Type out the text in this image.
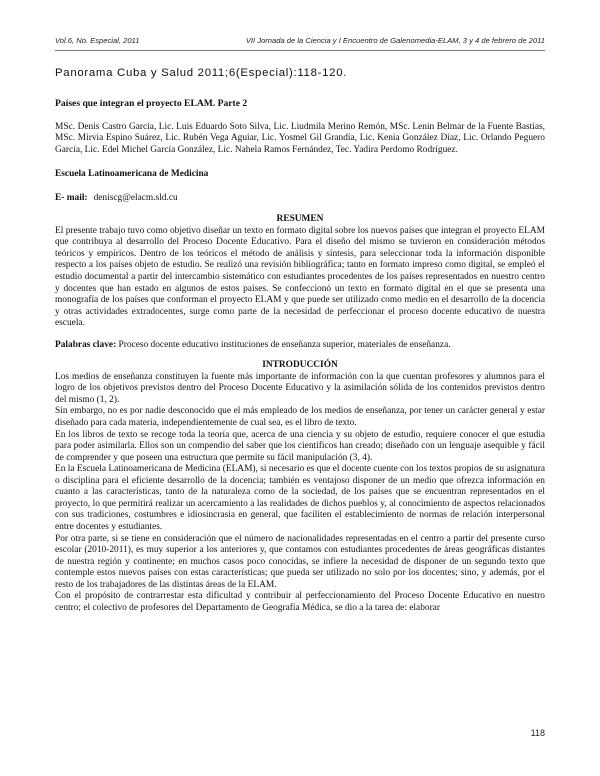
Vol.6, No. Especial, 2011	VII Jornada de la Ciencia y I Encuentro de Galenomedia-ELAM, 3 y 4 de febrero de 2011
Panorama Cuba y Salud 2011;6(Especial):118-120.

Países que integran el proyecto ELAM. Parte 2

MSc. Denis Castro García, Lic. Luis Eduardo Soto Silva, Lic. Liudmila Merino Remón, MSc. Lenin Belmar de la Fuente Bastías, MSc. Mirvia Espino Suárez, Lic. Rubén Vega Aguiar, Lic. Yosmel Gil Grandía, Lic. Kenia González Díaz, Lic. Orlando Peguero García, Lic. Edel Michel García González, Lic. Nahela Ramos Fernández, Tec. Yadira Perdomo Rodríguez.

Escuela Latinoamericana de Medicina

E- mail: deniscg@elacm.sld.cu

RESUMEN

El presente trabajo tuvo como objetivo diseñar un texto en formato digital sobre los nuevos países que integran el proyecto ELAM que contribuya al desarrollo del Proceso Docente Educativo. Para el diseño del mismo se tuvieron en consideración métodos teóricos y empíricos. Dentro de los teóricos el método de análisis y síntesis, para seleccionar toda la información disponible respecto a los países objeto de estudio. Se realizó una revisión bibliográfica; tanto en formato impreso como digital, se empleó el estudio documental a partir del intercambio sistemático con estudiantes procedentes de los países representados en nuestro centro y docentes que han estado en algunos de estos países. Se confeccionó un texto en formato digital en el que se presenta una monografía de los países que conforman el proyecto ELAM y que puede ser utilizado como medio en el desarrollo de la docencia y otras actividades extradocentes, surge como parte de la necesidad de perfeccionar el proceso docente educativo de nuestra escuela.

Palabras clave: Proceso docente educativo instituciones de enseñanza superior, materiales de enseñanza.

INTRODUCCIÓN

Los medios de enseñanza constituyen la fuente más importante de información con la que cuentan profesores y alumnos para el logro de los objetivos previstos dentro del Proceso Docente Educativo y la asimilación sólida de los contenidos previstos dentro del mismo (1, 2).

Sin embargo, no es por nadie desconocido que el más empleado de los medios de enseñanza, por tener un carácter general y estar diseñado para cada materia, independientemente de cual sea, es el libro de texto.

En los libros de texto se recoge toda la teoría que, acerca de una ciencia y su objeto de estudio, requiere conocer el que estudia para poder asimilarla. Ellos son un compendio del saber que los científicos han creado; diseñado con un lenguaje asequible y fácil de comprender y que poseen una estructura que permite su fácil manipulación (3, 4).

En la Escuela Latinoamericana de Medicina (ELAM), si necesario es que el docente cuente con los textos propios de su asignatura o disciplina para el eficiente desarrollo de la docencia; también es ventajoso disponer de un medio que ofrezca información en cuanto a las características, tanto de la naturaleza como de la sociedad, de los países que se encuentran representados en el proyecto, lo que permitirá realizar un acercamiento a las realidades de dichos pueblos y, al conocimiento de aspectos relacionados con sus tradiciones, costumbres e idiosincrasia en general, que faciliten el establecimiento de normas de relación interpersonal entre docentes y estudiantes.

Por otra parte, si se tiene en consideración que el número de nacionalidades representadas en el centro a partir del presente curso escolar (2010-2011), es muy superior a los anteriores y, que contamos con estudiantes procedentes de áreas geográficas distantes de nuestra región y continente; en muchos casos poco conocidas, se infiere la necesidad de disponer de un segundo texto que contemple estos nuevos países con estas características; que pueda ser utilizado no solo por los docentes; sino, y además, por el resto de los trabajadores de las distintas áreas de la ELAM.

Con el propósito de contrarrestar esta dificultad y contribuir al perfeccionamiento del Proceso Docente Educativo en nuestro centro; el colectivo de profesores del Departamento de Geografía Médica, se dio a la tarea de: elaborar

118
